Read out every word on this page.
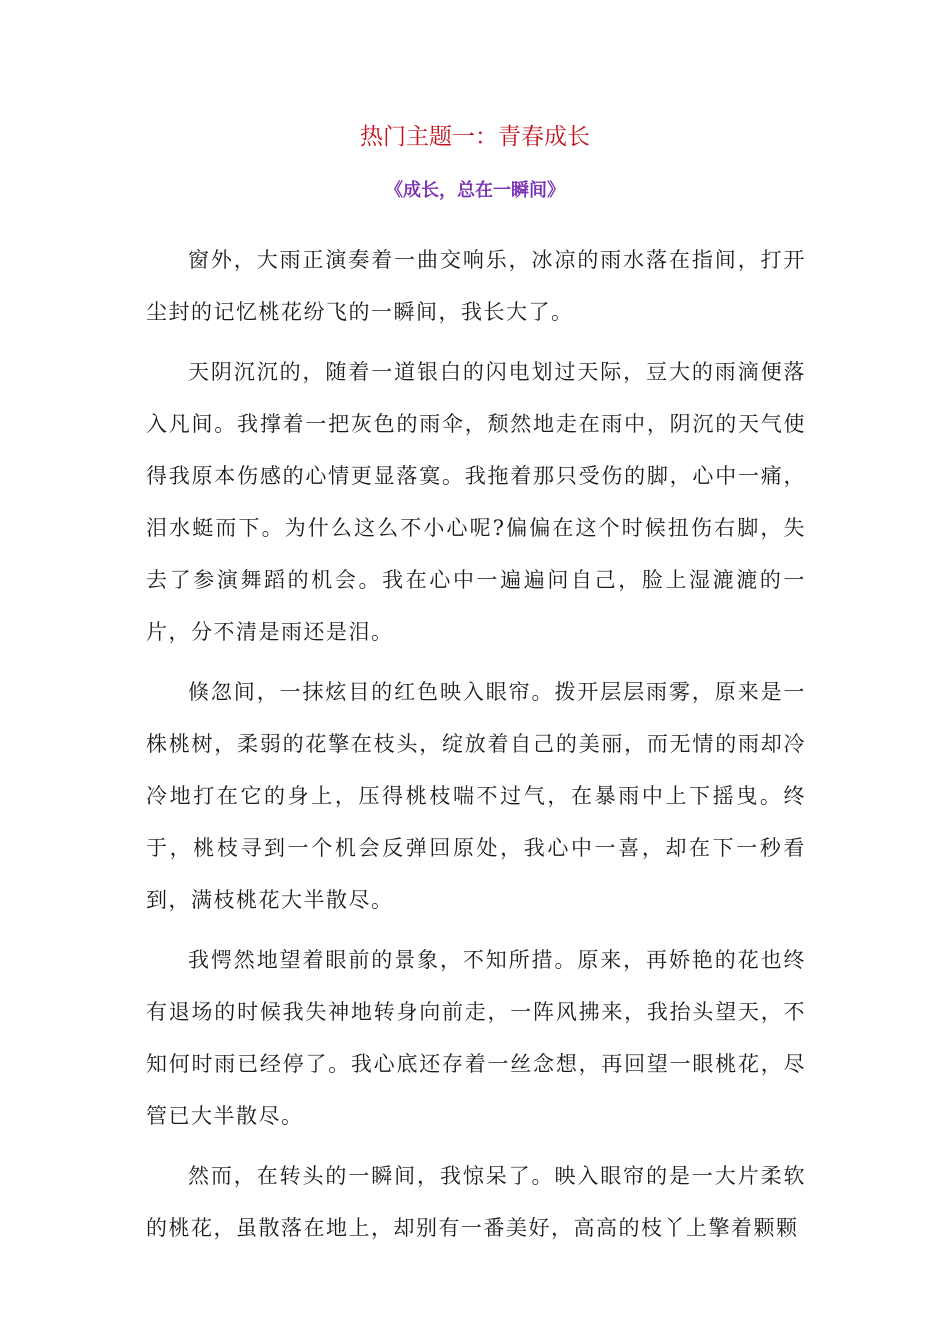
热门主题一：青春成长
《成长，总在一瞬间》

窗外，大雨正演奏着一曲交响乐，冰凉的雨水落在指间，打开尘封的记忆桃花纷飞的一瞬间，我长大了。

天阴沉沉的，随着一道银白的闪电划过天际，豆大的雨滴便落入凡间。我撑着一把灰色的雨伞，颓然地走在雨中，阴沉的天气使得我原本伤感的心情更显落寞。我拖着那只受伤的脚，心中一痛，泪水蜓而下。为什么这么不小心呢?偏偏在这个时候扭伤右脚，失去了参演舞蹈的机会。我在心中一遍遍问自己，脸上湿漉漉的一片，分不清是雨还是泪。

倏忽间，一抹炫目的红色映入眼帘。拨开层层雨雾，原来是一株桃树，柔弱的花擎在枝头，绽放着自己的美丽，而无情的雨却冷冷地打在它的身上，压得桃枝喘不过气，在暴雨中上下摇曳。终于，桃枝寻到一个机会反弹回原处，我心中一喜，却在下一秒看到，满枝桃花大半散尽。

我愕然地望着眼前的景象，不知所措。原来，再娇艳的花也终有退场的时候我失神地转身向前走，一阵风拂来，我抬头望天，不知何时雨已经停了。我心底还存着一丝念想，再回望一眼桃花，尽管已大半散尽。

然而，在转头的一瞬间，我惊呆了。映入眼帘的是一大片柔软的桃花，虽散落在地上，却别有一番美好，高高的枝丫上擎着颗颗
